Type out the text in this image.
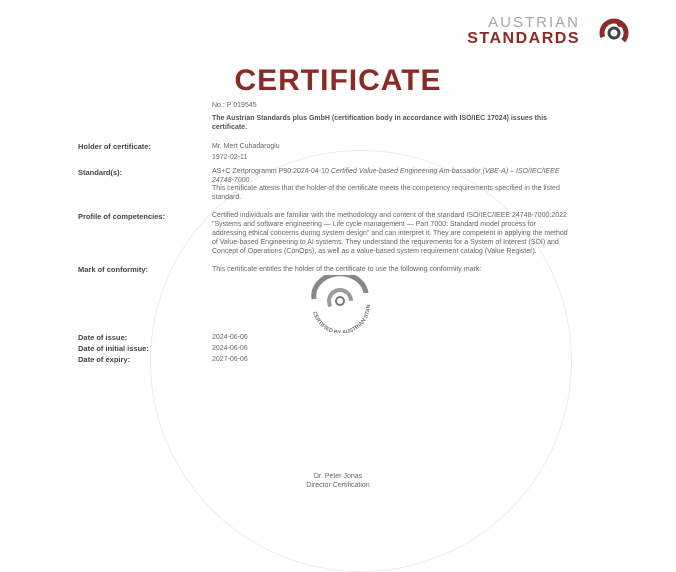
AUSTRIAN
STANDARDS
CERTIFICATE
No.: P 019545
The Austrian Standards plus GmbH (certification body in accordance with ISO/IEC 17024) issues this certificate.
Holder of certificate:	Mr. Mert Cuhadaroglu
1972-02-11
Standard(s):	AS+C Zertprogramm P90:2024-04-10 Certified Value-based Engineering Am-bassador (VBE-A) – ISO/IEC/IEEE 24748-7000
This certificate attests that the holder of the certificate meets the competency requirements specified in the listed standard.
Profile of competencies:	Certified individuals are familiar with the methodology and content of the standard ISO/IEC/IEEE 24748-7000:2022 "Systems and software engineering — Life cycle management — Part 7000: Standard model process for addressing ethical concerns during system design" and can interpret it. They are competent in applying the method of Value-based Engineering to AI systems. They understand the requirements for a System of Interest (SOI) and Concept of Operations (ConOps), as well as a value-based system requirement catalog (Value Register).
Mark of conformity:	This certificate entitles the holder of the certificate to use the following conformity mark:
CERTIFIED BY AUSTRIAN STAN
Date of issue:	2024-06-06
Date of initial issue:	2024-06-06
Date of expiry:	2027-06-06
Dr. Peter Jonas
Director Certification
